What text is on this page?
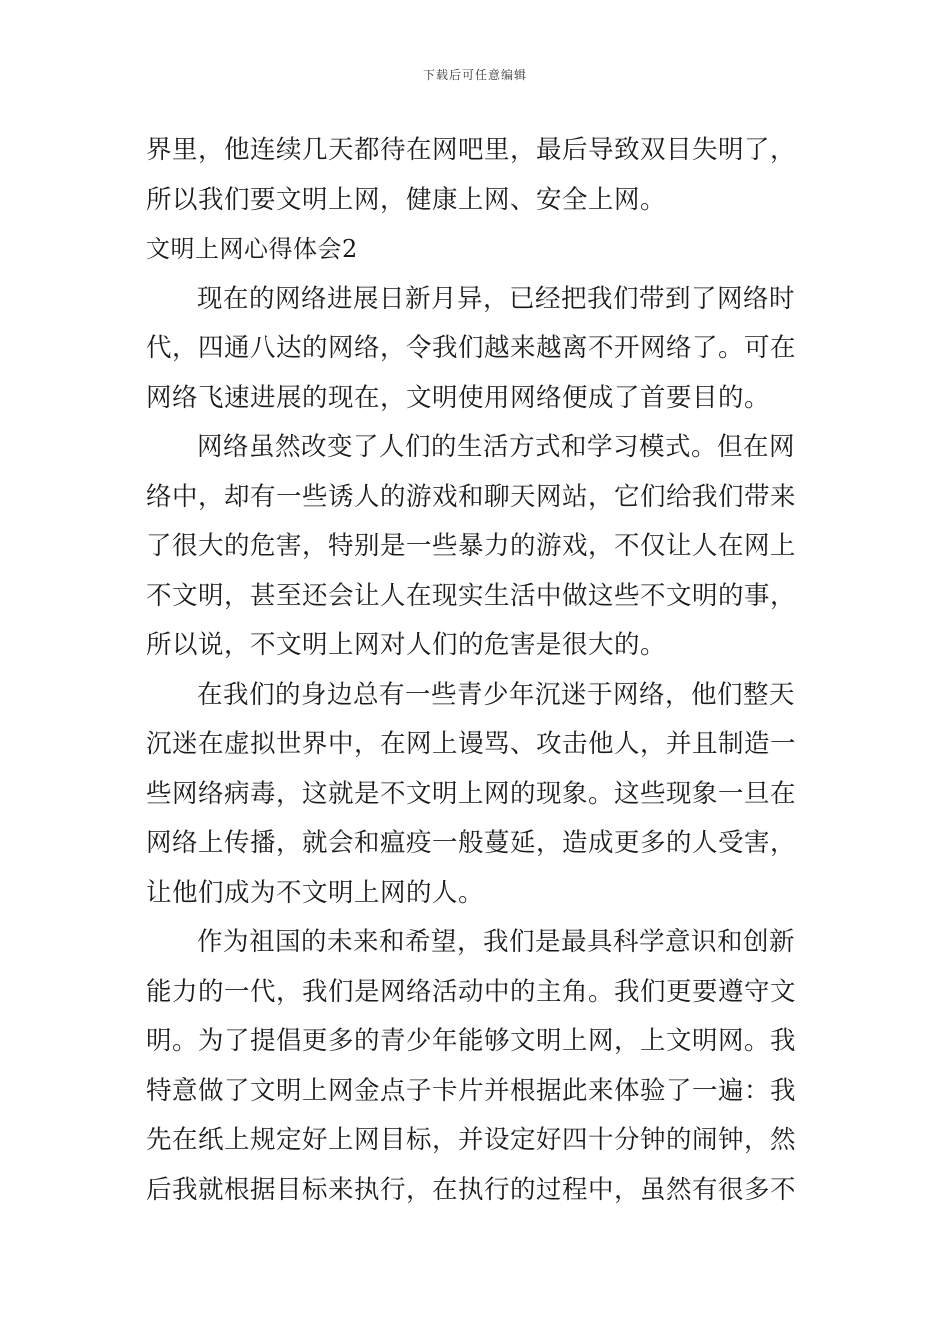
下载后可任意编辑
界里，他连续几天都待在网吧里，最后导致双目失明了，
所以我们要文明上网，健康上网、安全上网。
文明上网心得体会2
现在的网络进展日新月异，已经把我们带到了网络时
代，四通八达的网络，令我们越来越离不开网络了。可在
网络飞速进展的现在，文明使用网络便成了首要目的。
网络虽然改变了人们的生活方式和学习模式。但在网
络中，却有一些诱人的游戏和聊天网站，它们给我们带来
了很大的危害，特别是一些暴力的游戏，不仅让人在网上
不文明，甚至还会让人在现实生活中做这些不文明的事，
所以说，不文明上网对人们的危害是很大的。
在我们的身边总有一些青少年沉迷于网络，他们整天
沉迷在虚拟世界中，在网上谩骂、攻击他人，并且制造一
些网络病毒，这就是不文明上网的现象。这些现象一旦在
网络上传播，就会和瘟疫一般蔓延，造成更多的人受害，
让他们成为不文明上网的人。
作为祖国的未来和希望，我们是最具科学意识和创新
能力的一代，我们是网络活动中的主角。我们更要遵守文
明。为了提倡更多的青少年能够文明上网，上文明网。我
特意做了文明上网金点子卡片并根据此来体验了一遍：我
先在纸上规定好上网目标，并设定好四十分钟的闹钟，然
后我就根据目标来执行，在执行的过程中，虽然有很多不
